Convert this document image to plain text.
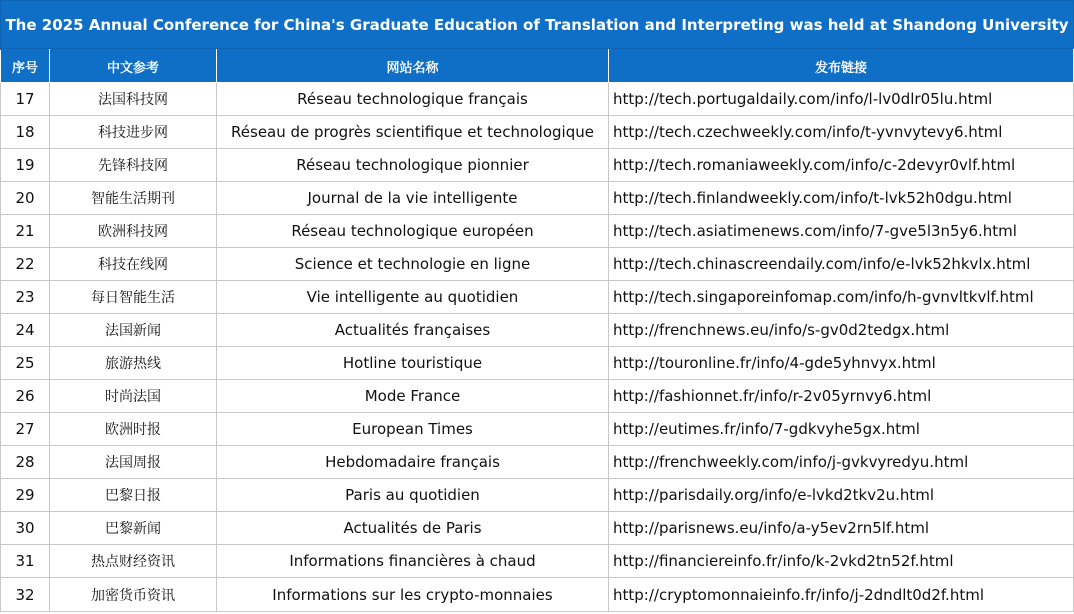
The 2025 Annual Conference for China's Graduate Education of Translation and Interpreting was held at Shandong University
序号	中文参考	网站名称	发布链接
17	法国科技网	Réseau technologique français	http://tech.portugaldaily.com/info/l-lv0dlr05lu.html
18	科技进步网	Réseau de progrès scientifique et technologique	http://tech.czechweekly.com/info/t-yvnvytevy6.html
19	先锋科技网	Réseau technologique pionnier	http://tech.romaniaweekly.com/info/c-2devyr0vlf.html
20	智能生活期刊	Journal de la vie intelligente	http://tech.finlandweekly.com/info/t-lvk52h0dgu.html
21	欧洲科技网	Réseau technologique européen	http://tech.asiatimenews.com/info/7-gve5l3n5y6.html
22	科技在线网	Science et technologie en ligne	http://tech.chinascreendaily.com/info/e-lvk52hkvlx.html
23	每日智能生活	Vie intelligente au quotidien	http://tech.singaporeinfomap.com/info/h-gvnvltkvlf.html
24	法国新闻	Actualités françaises	http://frenchnews.eu/info/s-gv0d2tedgx.html
25	旅游热线	Hotline touristique	http://touronline.fr/info/4-gde5yhnvyx.html
26	时尚法国	Mode France	http://fashionnet.fr/info/r-2v05yrnvy6.html
27	欧洲时报	European Times	http://eutimes.fr/info/7-gdkvyhe5gx.html
28	法国周报	Hebdomadaire français	http://frenchweekly.com/info/j-gvkvyredyu.html
29	巴黎日报	Paris au quotidien	http://parisdaily.org/info/e-lvkd2tkv2u.html
30	巴黎新闻	Actualités de Paris	http://parisnews.eu/info/a-y5ev2rn5lf.html
31	热点财经资讯	Informations financières à chaud	http://financiereinfo.fr/info/k-2vkd2tn52f.html
32	加密货币资讯	Informations sur les crypto-monnaies	http://cryptomonnaieinfo.fr/info/j-2dndlt0d2f.html
